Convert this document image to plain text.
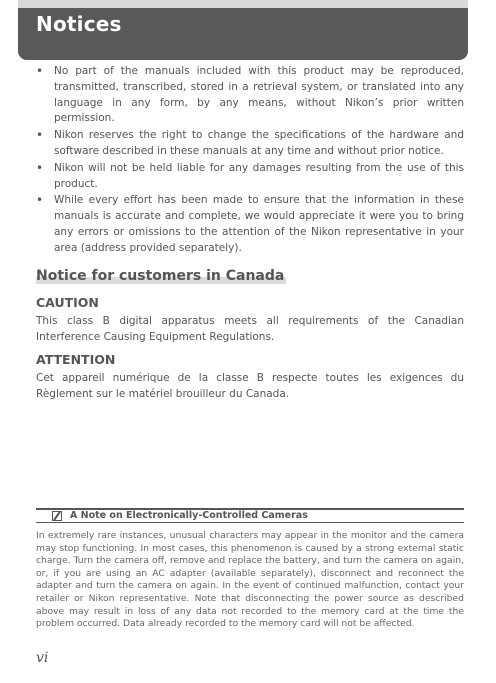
Notices
• No part of the manuals included with this product may be reproduced, transmitted, transcribed, stored in a retrieval system, or translated into any language in any form, by any means, without Nikon’s prior written permission.
• Nikon reserves the right to change the specifications of the hardware and software described in these manuals at any time and without prior notice.
• Nikon will not be held liable for any damages resulting from the use of this product.
• While every effort has been made to ensure that the information in these manuals is accurate and complete, we would appreciate it were you to bring any errors or omissions to the attention of the Nikon representative in your area (address provided separately).
Notice for customers in Canada
CAUTION

This class B digital apparatus meets all requirements of the Canadian Interference Causing Equipment Regulations.

ATTENTION

Cet appareil numérique de la classe B respecte toutes les exigences du Règlement sur le matériel brouilleur du Canada.

A Note on Electronically-Controlled Cameras

In extremely rare instances, unusual characters may appear in the monitor and the camera may stop functioning. In most cases, this phenomenon is caused by a strong external static charge. Turn the camera off, remove and replace the battery, and turn the camera on again, or, if you are using an AC adapter (available separately), disconnect and reconnect the adapter and turn the camera on again. In the event of continued malfunction, contact your retailer or Nikon representative. Note that disconnecting the power source as described above may result in loss of any data not recorded to the memory card at the time the problem occurred. Data already recorded to the memory card will not be affected.

vi
